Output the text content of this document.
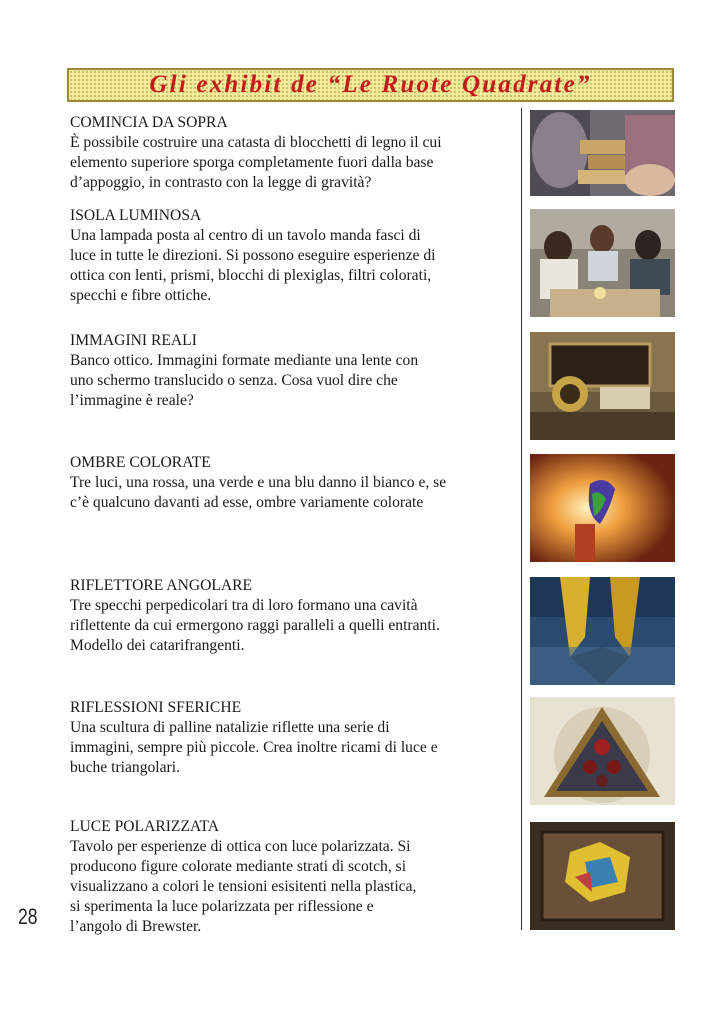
Gli exhibit de “Le Ruote Quadrate”
COMINCIA DA SOPRA
È possibile costruire una catasta di blocchetti di legno il cui
elemento superiore sporga completamente fuori dalla base
d’appoggio, in contrasto con la legge di gravità?
ISOLA LUMINOSA
Una lampada posta al centro di un tavolo manda fasci di
luce in tutte le direzioni. Si possono eseguire esperienze di
ottica con lenti, prismi, blocchi di plexiglas, filtri colorati,
specchi e fibre ottiche.
IMMAGINI REALI
Banco ottico. Immagini formate mediante una lente con
uno schermo translucido o senza. Cosa vuol dire che
l’immagine è reale?
OMBRE COLORATE
Tre luci, una rossa, una verde e una blu danno il bianco e, se
c’è qualcuno davanti ad esse, ombre variamente colorate
RIFLETTORE ANGOLARE
Tre specchi perpedicolari tra di loro formano una cavità
riflettente da cui ermergono raggi paralleli a quelli entranti.
Modello dei catarifrangenti.
RIFLESSIONI SFERICHE
Una scultura di palline natalizie riflette una serie di
immagini, sempre più piccole. Crea inoltre ricami di luce e
buche triangolari.
LUCE POLARIZZATA
Tavolo per esperienze di ottica con luce polarizzata. Si
producono figure colorate mediante strati di scotch, si
visualizzano a colori le tensioni esisitenti nella plastica,
si sperimenta la luce polarizzata per riflessione e
l’angolo di Brewster.
28
